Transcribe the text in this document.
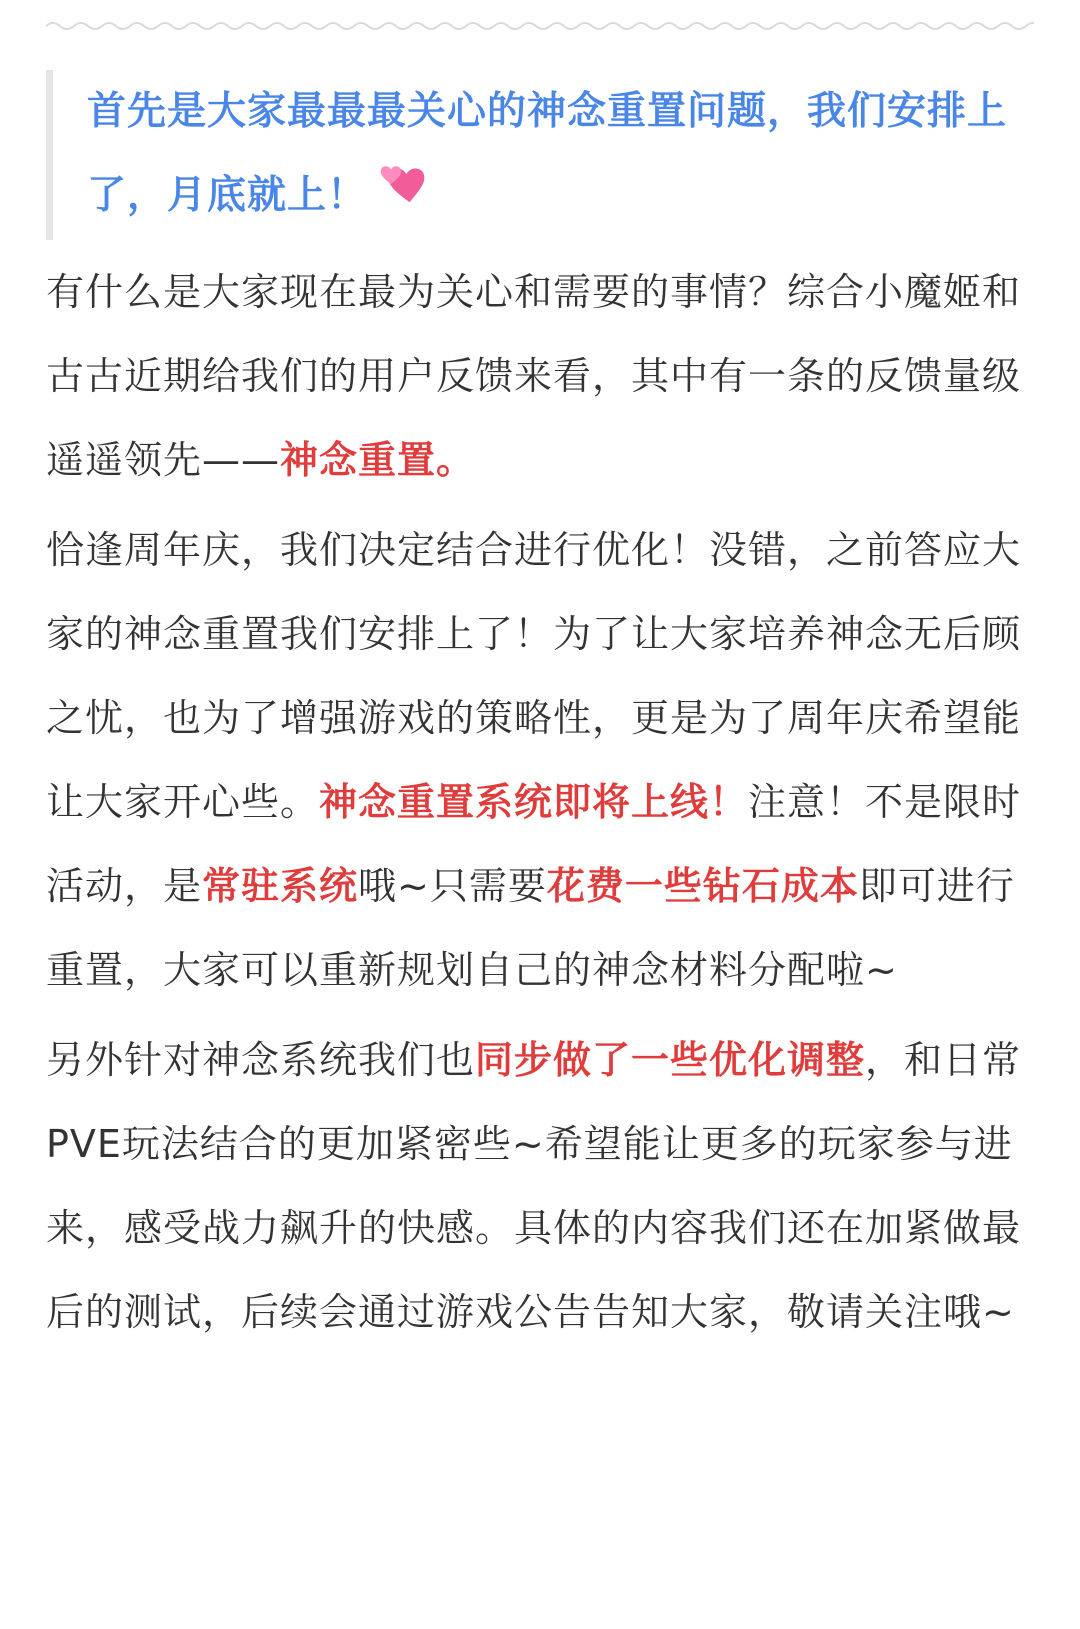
首先是大家最最最关心的神念重置问题，我们安排上了，月底就上！

有什么是大家现在最为关心和需要的事情？综合小魔姬和古古近期给我们的用户反馈来看，其中有一条的反馈量级遥遥领先——神念重置。

恰逢周年庆，我们决定结合进行优化！没错，之前答应大家的神念重置我们安排上了！为了让大家培养神念无后顾之忧，也为了增强游戏的策略性，更是为了周年庆希望能让大家开心些。神念重置系统即将上线！注意！不是限时活动，是常驻系统哦~只需要花费一些钻石成本即可进行重置，大家可以重新规划自己的神念材料分配啦~

另外针对神念系统我们也同步做了一些优化调整，和日常PVE玩法结合的更加紧密些~希望能让更多的玩家参与进来，感受战力飙升的快感。具体的内容我们还在加紧做最后的测试，后续会通过游戏公告告知大家，敬请关注哦~
